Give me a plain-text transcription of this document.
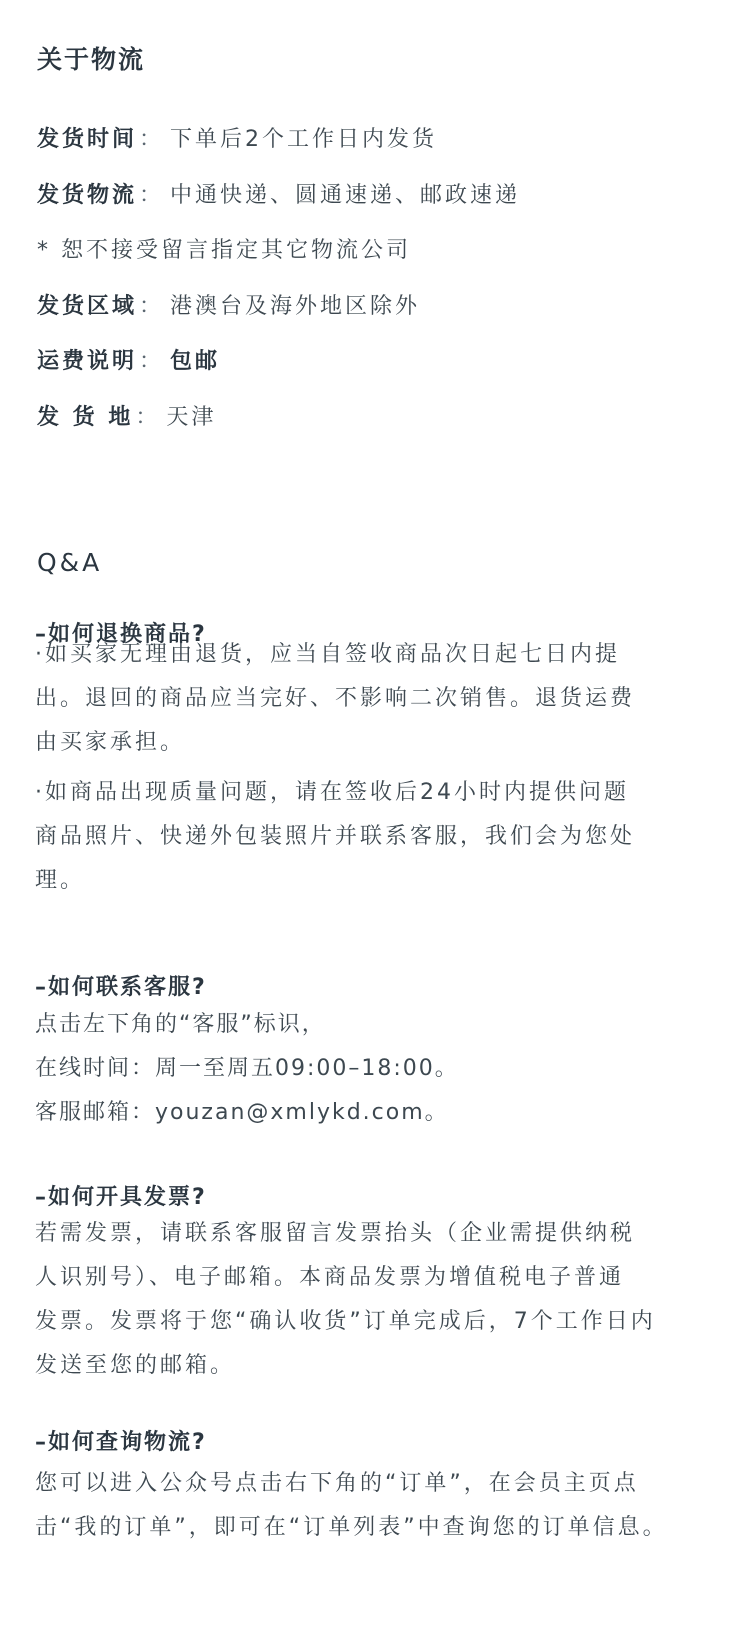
关于物流
发货时间： 下单后2个工作日内发货
发货物流： 中通快递、圆通速递、邮政速递
* 恕不接受留言指定其它物流公司
发货区域： 港澳台及海外地区除外
运费说明： 包邮
发 货 地： 天津
Q&A
–如何退换商品?
·如买家无理由退货，应当自签收商品次日起七日内提
出。退回的商品应当完好、不影响二次销售。退货运费
由买家承担。
·如商品出现质量问题，请在签收后24小时内提供问题
商品照片、快递外包装照片并联系客服，我们会为您处
理。
–如何联系客服?
点击左下角的“客服”标识，
在线时间：周一至周五09:00–18:00。
客服邮箱：youzan@xmlykd.com。
–如何开具发票?
若需发票，请联系客服留言发票抬头（企业需提供纳税
人识别号）、电子邮箱。本商品发票为增值税电子普通
发票。发票将于您“确认收货”订单完成后，7个工作日内
发送至您的邮箱。
–如何查询物流?
您可以进入公众号点击右下角的“订单”，在会员主页点
击“我的订单”，即可在“订单列表”中查询您的订单信息。
